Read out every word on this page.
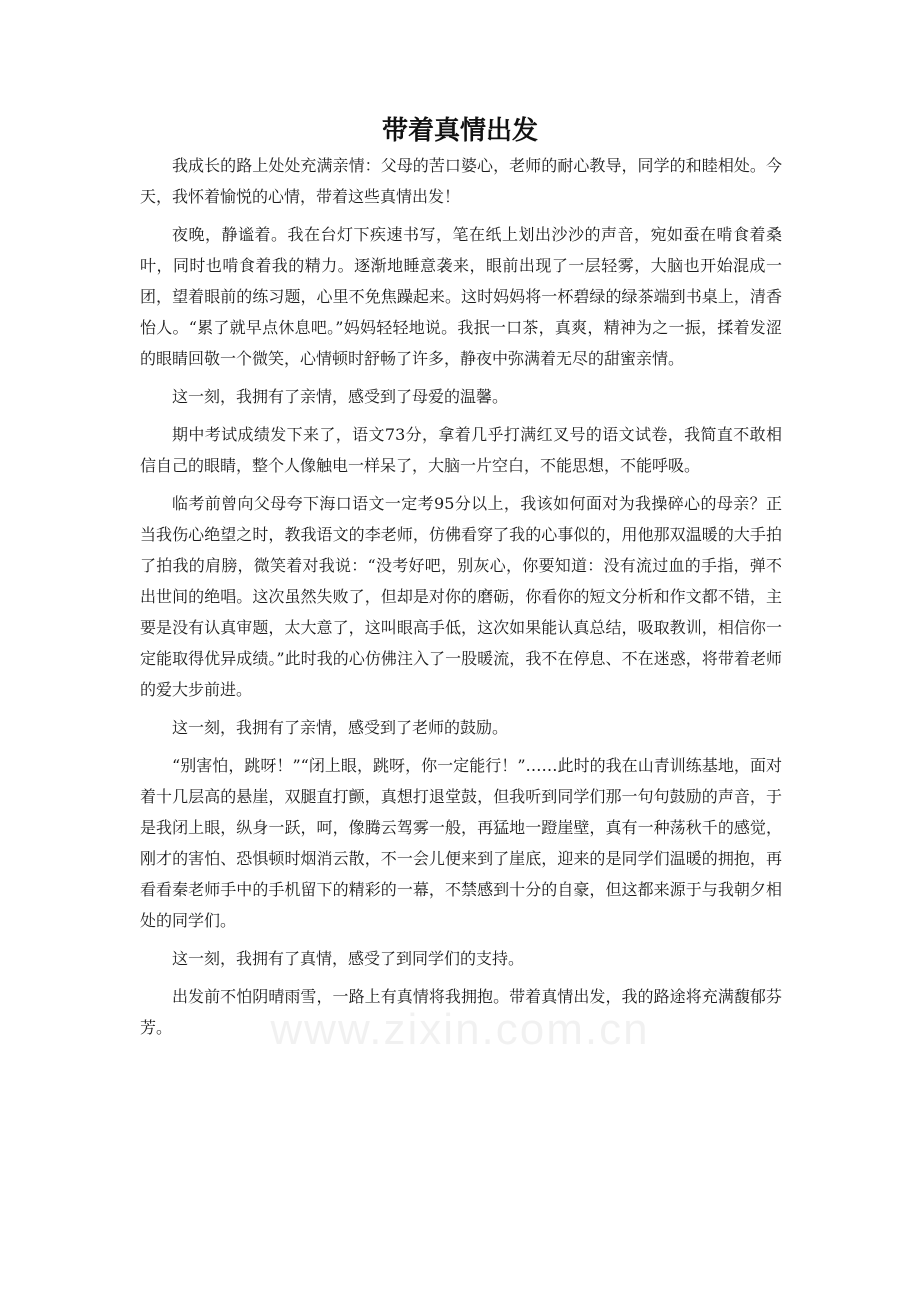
带着真情出发

我成长的路上处处充满亲情：父母的苦口婆心，老师的耐心教导，同学的和睦相处。今天，我怀着愉悦的心情，带着这些真情出发！

夜晚，静谧着。我在台灯下疾速书写，笔在纸上划出沙沙的声音，宛如蚕在啃食着桑叶，同时也啃食着我的精力。逐渐地睡意袭来，眼前出现了一层轻雾，大脑也开始混成一团，望着眼前的练习题，心里不免焦躁起来。这时妈妈将一杯碧绿的绿茶端到书桌上，清香怡人。“累了就早点休息吧。”妈妈轻轻地说。我抿一口茶，真爽，精神为之一振，揉着发涩的眼睛回敬一个微笑，心情顿时舒畅了许多，静夜中弥满着无尽的甜蜜亲情。

这一刻，我拥有了亲情，感受到了母爱的温馨。

期中考试成绩发下来了，语文73分，拿着几乎打满红叉号的语文试卷，我简直不敢相信自己的眼睛，整个人像触电一样呆了，大脑一片空白，不能思想，不能呼吸。

临考前曾向父母夸下海口语文一定考95分以上，我该如何面对为我操碎心的母亲？正当我伤心绝望之时，教我语文的李老师，仿佛看穿了我的心事似的，用他那双温暖的大手拍了拍我的肩膀，微笑着对我说：“没考好吧，别灰心，你要知道：没有流过血的手指，弹不出世间的绝唱。这次虽然失败了，但却是对你的磨砺，你看你的短文分析和作文都不错，主要是没有认真审题，太大意了，这叫眼高手低，这次如果能认真总结，吸取教训，相信你一定能取得优异成绩。”此时我的心仿佛注入了一股暖流，我不在停息、不在迷惑，将带着老师的爱大步前进。

这一刻，我拥有了亲情，感受到了老师的鼓励。

“别害怕，跳呀！”“闭上眼，跳呀，你一定能行！”……此时的我在山青训练基地，面对着十几层高的悬崖，双腿直打颤，真想打退堂鼓，但我听到同学们那一句句鼓励的声音，于是我闭上眼，纵身一跃，呵，像腾云驾雾一般，再猛地一蹬崖壁，真有一种荡秋千的感觉，刚才的害怕、恐惧顿时烟消云散，不一会儿便来到了崖底，迎来的是同学们温暖的拥抱，再看看秦老师手中的手机留下的精彩的一幕，不禁感到十分的自豪，但这都来源于与我朝夕相处的同学们。

这一刻，我拥有了真情，感受了到同学们的支持。

出发前不怕阴晴雨雪，一路上有真情将我拥抱。带着真情出发，我的路途将充满馥郁芬芳。	www.zixin.com.cn
